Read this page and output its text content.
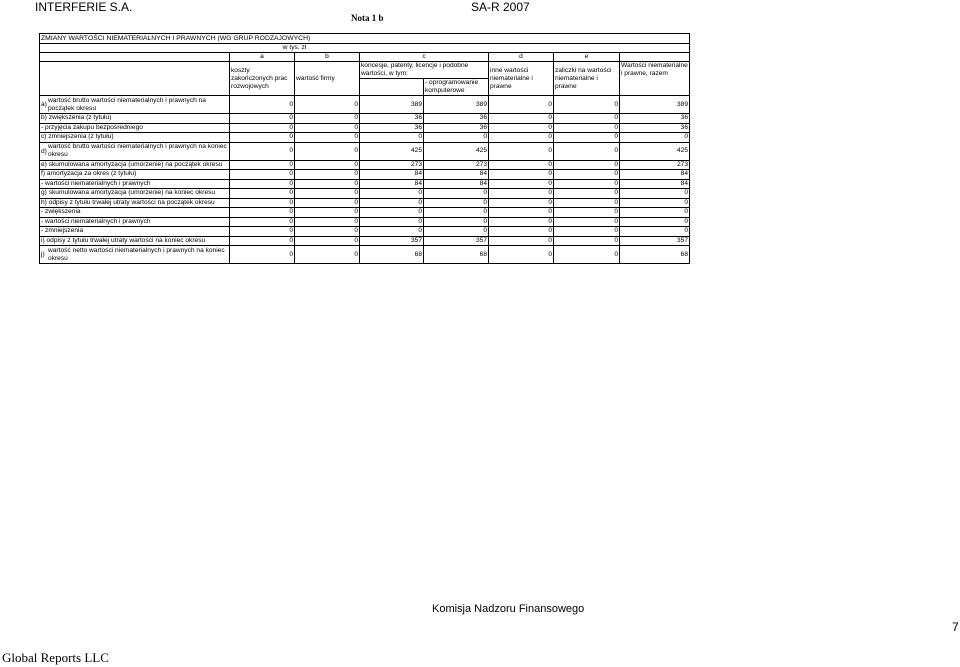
INTERFERIE S.A.	SA-R 2007
Nota 1 b
ZMIANY WARTOŚCI NIEMATERIALNYCH I PRAWNYCH (WG GRUP RODZAJOWYCH)							
	w tys. zł						
	a	b	c		d	e	
	koszty zakończonych prac rozwojowych	wartość firmy	koncesje, patenty, licencje i podobne wartości, w tym:		inne wartości niematerialne i prawne	zaliczki na wartości niematerialne i prawne	Wartości niematerialne i prawne, razem
				- oprogramowanie komputerowe			

a)
wartość brutto wartości niematerialnych i prawnych na początek okresu	0	0	389	389	0	0	389
b) zwiększenia (z tytułu)	0	0	36	36	0	0	36
- przyjęcia zakupu bezpośredniego	0	0	36	36	0	0	36
c) zmniejszenia (z tytułu)	0	0	0	0	0	0	0

d)
wartość brutto wartości niematerialnych i prawnych na koniec okresu	0	0	425	425	0	0	425
e) skumulowana amortyzacja (umorzenie) na początek okresu	0	0	273	273	0	0	273
f) amortyzacja za okres (z tytułu)	0	0	84	84	0	0	84
- wartości niematerialnych i prawnych	0	0	84	84	0	0	84
g) skumulowana amortyzacja (umorzenie) na koniec okresu	0	0	0	0	0	0	0
h) odpisy z tytułu trwałej utraty wartości na początek okresu	0	0	0	0	0	0	0
- zwiększenia	0	0	0	0	0	0	0
- wartości niematerialnych i prawnych	0	0	0	0	0	0	0
- zmniejszenia	0	0	0	0	0	0	0
i) odpisy z tytułu trwałej utraty wartości na koniec okresu	0	0	357	357	0	0	357

j)
wartość netto wartości niematerialnych i prawnych na koniec okresu	0	0	68	68	0	0	68
Komisja Nadzoru Finansowego
7
Global Reports LLC
